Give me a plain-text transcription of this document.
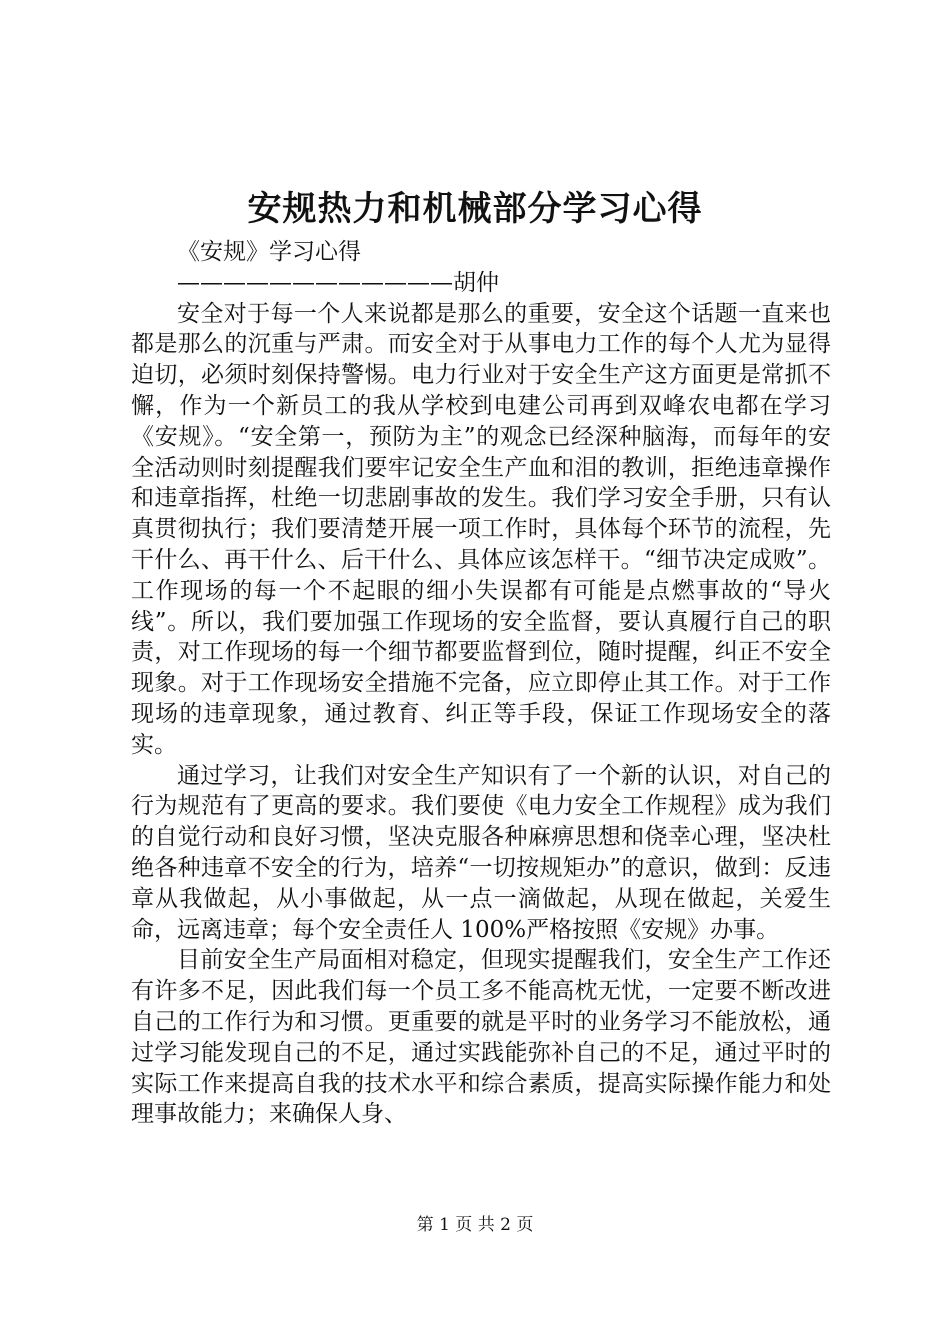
安规热力和机械部分学习心得

《安规》学习心得

————————————胡仲

安全对于每一个人来说都是那么的重要，安全这个话题一直来也都是那么的沉重与严肃。而安全对于从事电力工作的每个人尤为显得迫切，必须时刻保持警惕。电力行业对于安全生产这方面更是常抓不懈，作为一个新员工的我从学校到电建公司再到双峰农电都在学习《安规》。“安全第一，预防为主”的观念已经深种脑海，而每年的安全活动则时刻提醒我们要牢记安全生产血和泪的教训，拒绝违章操作和违章指挥，杜绝一切悲剧事故的发生。我们学习安全手册，只有认真贯彻执行；我们要清楚开展一项工作时，具体每个环节的流程，先干什么、再干什么、后干什么、具体应该怎样干。“细节决定成败”。工作现场的每一个不起眼的细小失误都有可能是点燃事故的“导火线”。所以，我们要加强工作现场的安全监督，要认真履行自己的职责，对工作现场的每一个细节都要监督到位，随时提醒，纠正不安全现象。对于工作现场安全措施不完备，应立即停止其工作。对于工作现场的违章现象，通过教育、纠正等手段，保证工作现场安全的落实。

通过学习，让我们对安全生产知识有了一个新的认识，对自己的行为规范有了更高的要求。我们要使《电力安全工作规程》成为我们的自觉行动和良好习惯，坚决克服各种麻痹思想和侥幸心理，坚决杜绝各种违章不安全的行为，培养“一切按规矩办”的意识，做到：反违章从我做起，从小事做起，从一点一滴做起，从现在做起，关爱生命，远离违章；每个安全责任人 100%严格按照《安规》办事。

目前安全生产局面相对稳定，但现实提醒我们，安全生产工作还有许多不足，因此我们每一个员工多不能高枕无忧，一定要不断改进自己的工作行为和习惯。更重要的就是平时的业务学习不能放松，通过学习能发现自己的不足，通过实践能弥补自己的不足，通过平时的实际工作来提高自我的技术水平和综合素质，提高实际操作能力和处理事故能力；来确保人身、

第 1 页 共 2 页
